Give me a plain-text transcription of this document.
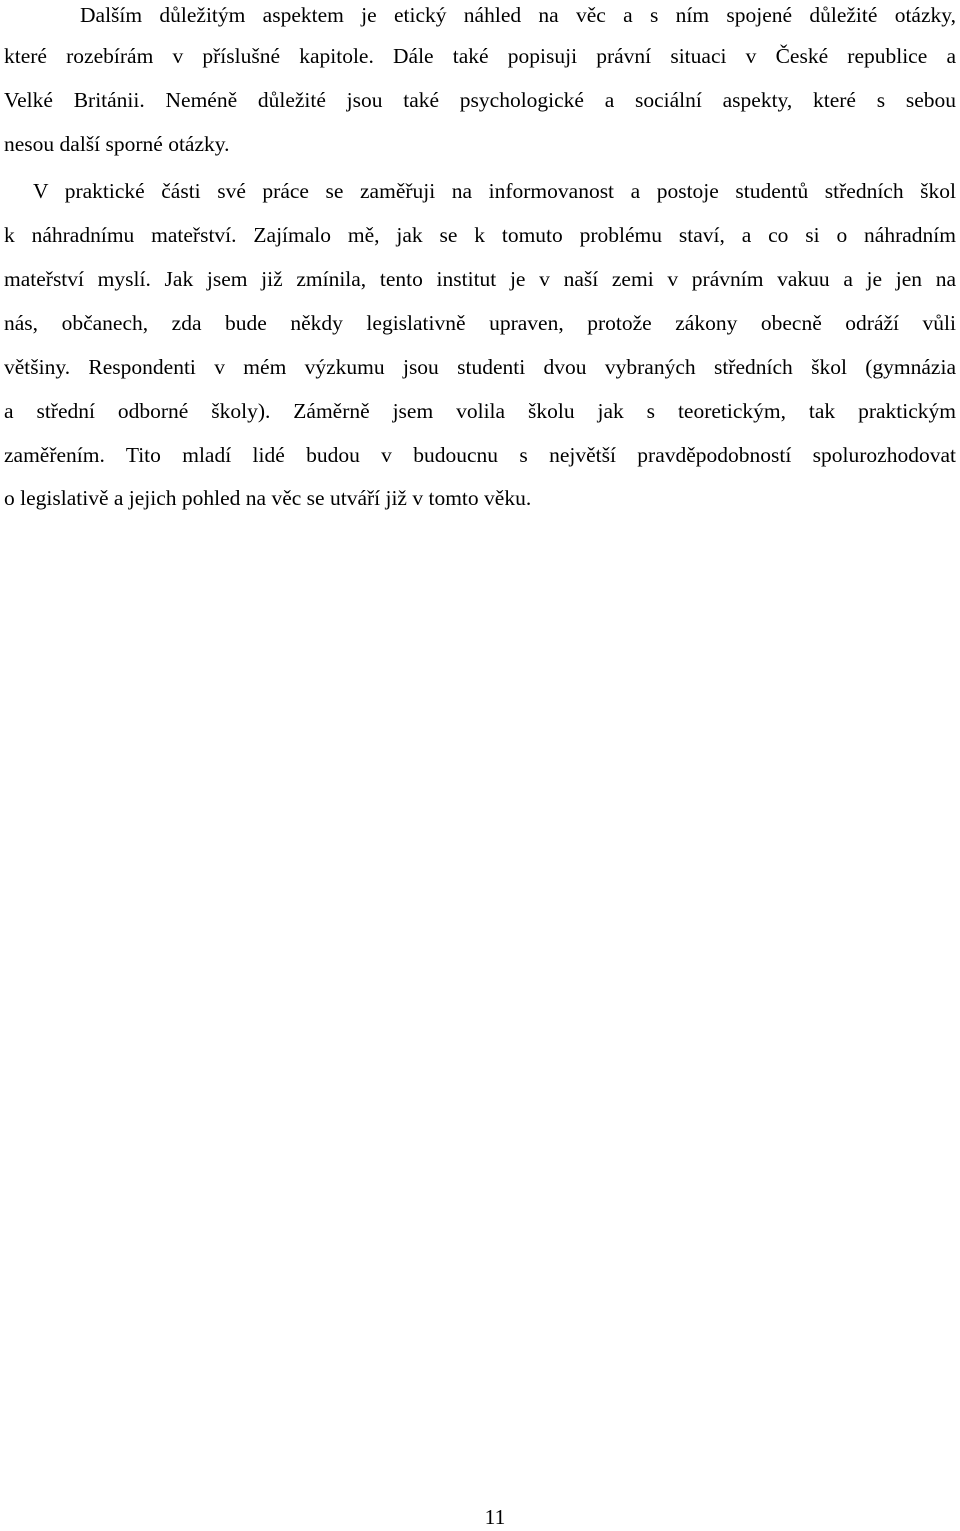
Dalším důležitým aspektem je etický náhled na věc a s ním spojené důležité otázky,
které rozebírám v příslušné kapitole. Dále také popisuji právní situaci v České republice a
Velké Británii. Neméně důležité jsou také psychologické a sociální aspekty, které s sebou
nesou další sporné otázky.
V praktické části své práce se zaměřuji na informovanost a postoje studentů středních škol
k náhradnímu mateřství. Zajímalo mě, jak se k tomuto problému staví, a co si o náhradním
mateřství myslí. Jak jsem již zmínila, tento institut je v naší zemi v právním vakuu a je jen na
nás, občanech, zda bude někdy legislativně upraven, protože zákony obecně odráží vůli
většiny. Respondenti v mém výzkumu jsou studenti dvou vybraných středních škol (gymnázia
a střední odborné školy). Záměrně jsem volila školu jak s teoretickým, tak praktickým
zaměřením. Tito mladí lidé budou v budoucnu s největší pravděpodobností spolurozhodovat
o legislativě a jejich pohled na věc se utváří již v tomto věku.
11
